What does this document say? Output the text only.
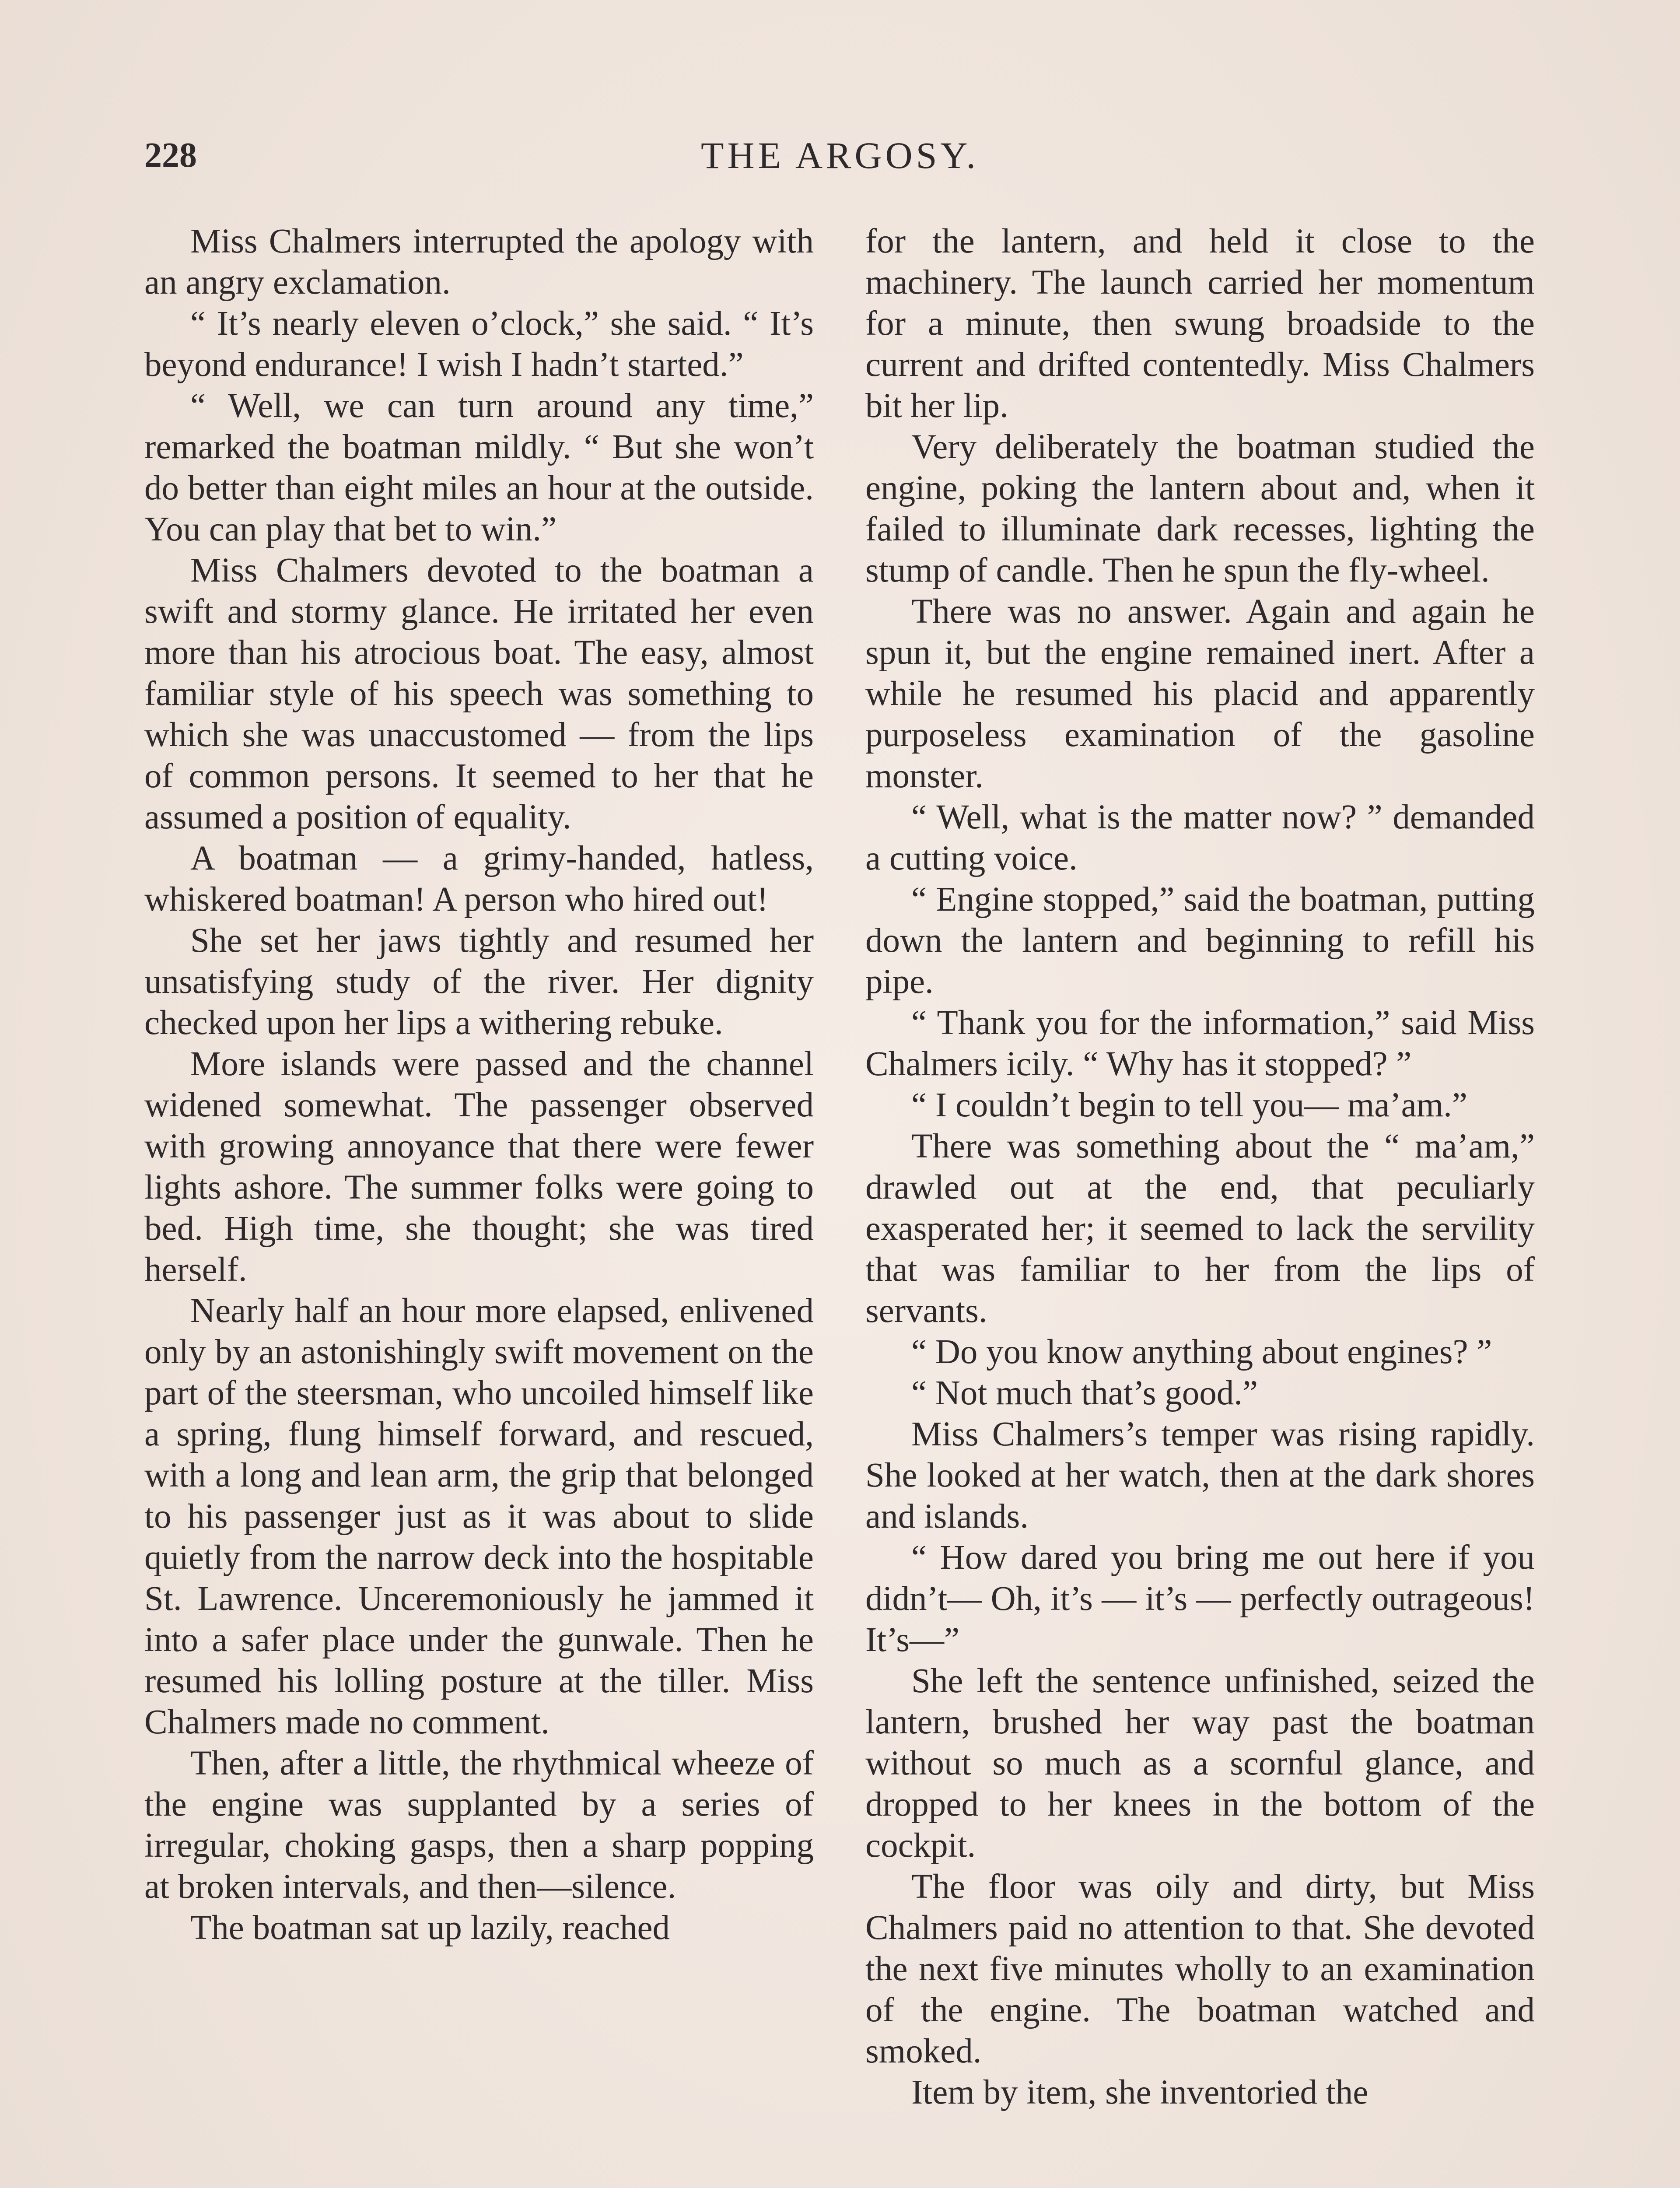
228	THE ARGOSY.

Miss Chalmers interrupted the apology with an angry exclamation.

“ It’s nearly eleven o’clock,” she said. “ It’s beyond endurance! I wish I hadn’t started.”

“ Well, we can turn around any time,” remarked the boatman mildly. “ But she won’t do better than eight miles an hour at the outside. You can play that bet to win.”

Miss Chalmers devoted to the boatman a swift and stormy glance. He irritated her even more than his atrocious boat. The easy, almost familiar style of his speech was something to which she was unaccustomed — from the lips of common persons. It seemed to her that he assumed a position of equality.

A boatman — a grimy-handed, hatless, whiskered boatman! A person who hired out!

She set her jaws tightly and resumed her unsatisfying study of the river. Her dignity checked upon her lips a withering rebuke.

More islands were passed and the channel widened somewhat. The passenger observed with growing annoyance that there were fewer lights ashore. The summer folks were going to bed. High time, she thought; she was tired herself.

Nearly half an hour more elapsed, enlivened only by an astonishingly swift movement on the part of the steersman, who uncoiled himself like a spring, flung himself forward, and rescued, with a long and lean arm, the grip that belonged to his passenger just as it was about to slide quietly from the narrow deck into the hospitable St. Lawrence. Unceremoniously he jammed it into a safer place under the gunwale. Then he resumed his lolling posture at the tiller. Miss Chalmers made no comment.

Then, after a little, the rhythmical wheeze of the engine was supplanted by a series of irregular, choking gasps, then a sharp popping at broken intervals, and then—silence.

The boatman sat up lazily, reached

for the lantern, and held it close to the machinery. The launch carried her momentum for a minute, then swung broadside to the current and drifted contentedly. Miss Chalmers bit her lip.

Very deliberately the boatman studied the engine, poking the lantern about and, when it failed to illuminate dark recesses, lighting the stump of candle. Then he spun the fly-wheel.

There was no answer. Again and again he spun it, but the engine remained inert. After a while he resumed his placid and apparently purposeless examination of the gasoline monster.

“ Well, what is the matter now? ” demanded a cutting voice.

“ Engine stopped,” said the boatman, putting down the lantern and beginning to refill his pipe.

“ Thank you for the information,” said Miss Chalmers icily. “ Why has it stopped? ”

“ I couldn’t begin to tell you— ma’am.”

There was something about the “ ma’am,” drawled out at the end, that peculiarly exasperated her; it seemed to lack the servility that was familiar to her from the lips of servants.

“ Do you know anything about engines? ”

“ Not much that’s good.”

Miss Chalmers’s temper was rising rapidly. She looked at her watch, then at the dark shores and islands.

“ How dared you bring me out here if you didn’t— Oh, it’s — it’s — perfectly outrageous! It’s—”

She left the sentence unfinished, seized the lantern, brushed her way past the boatman without so much as a scornful glance, and dropped to her knees in the bottom of the cockpit.

The floor was oily and dirty, but Miss Chalmers paid no attention to that. She devoted the next five minutes wholly to an examination of the engine. The boatman watched and smoked.

Item by item, she inventoried the
